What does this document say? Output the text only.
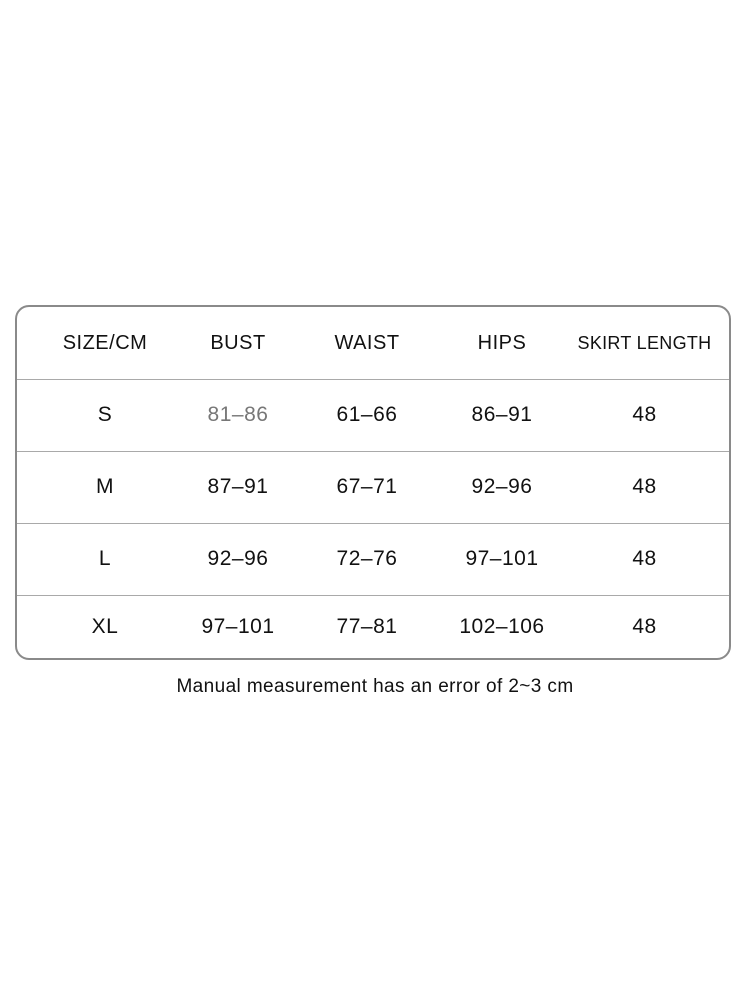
SIZE/CM	BUST	WAIST	HIPS	SKIRT LENGTH
S	81–86	61–66	86–91	48
M	87–91	67–71	92–96	48
L	92–96	72–76	97–101	48
XL	97–101	77–81	102–106	48
Manual measurement has an error of 2~3 cm
